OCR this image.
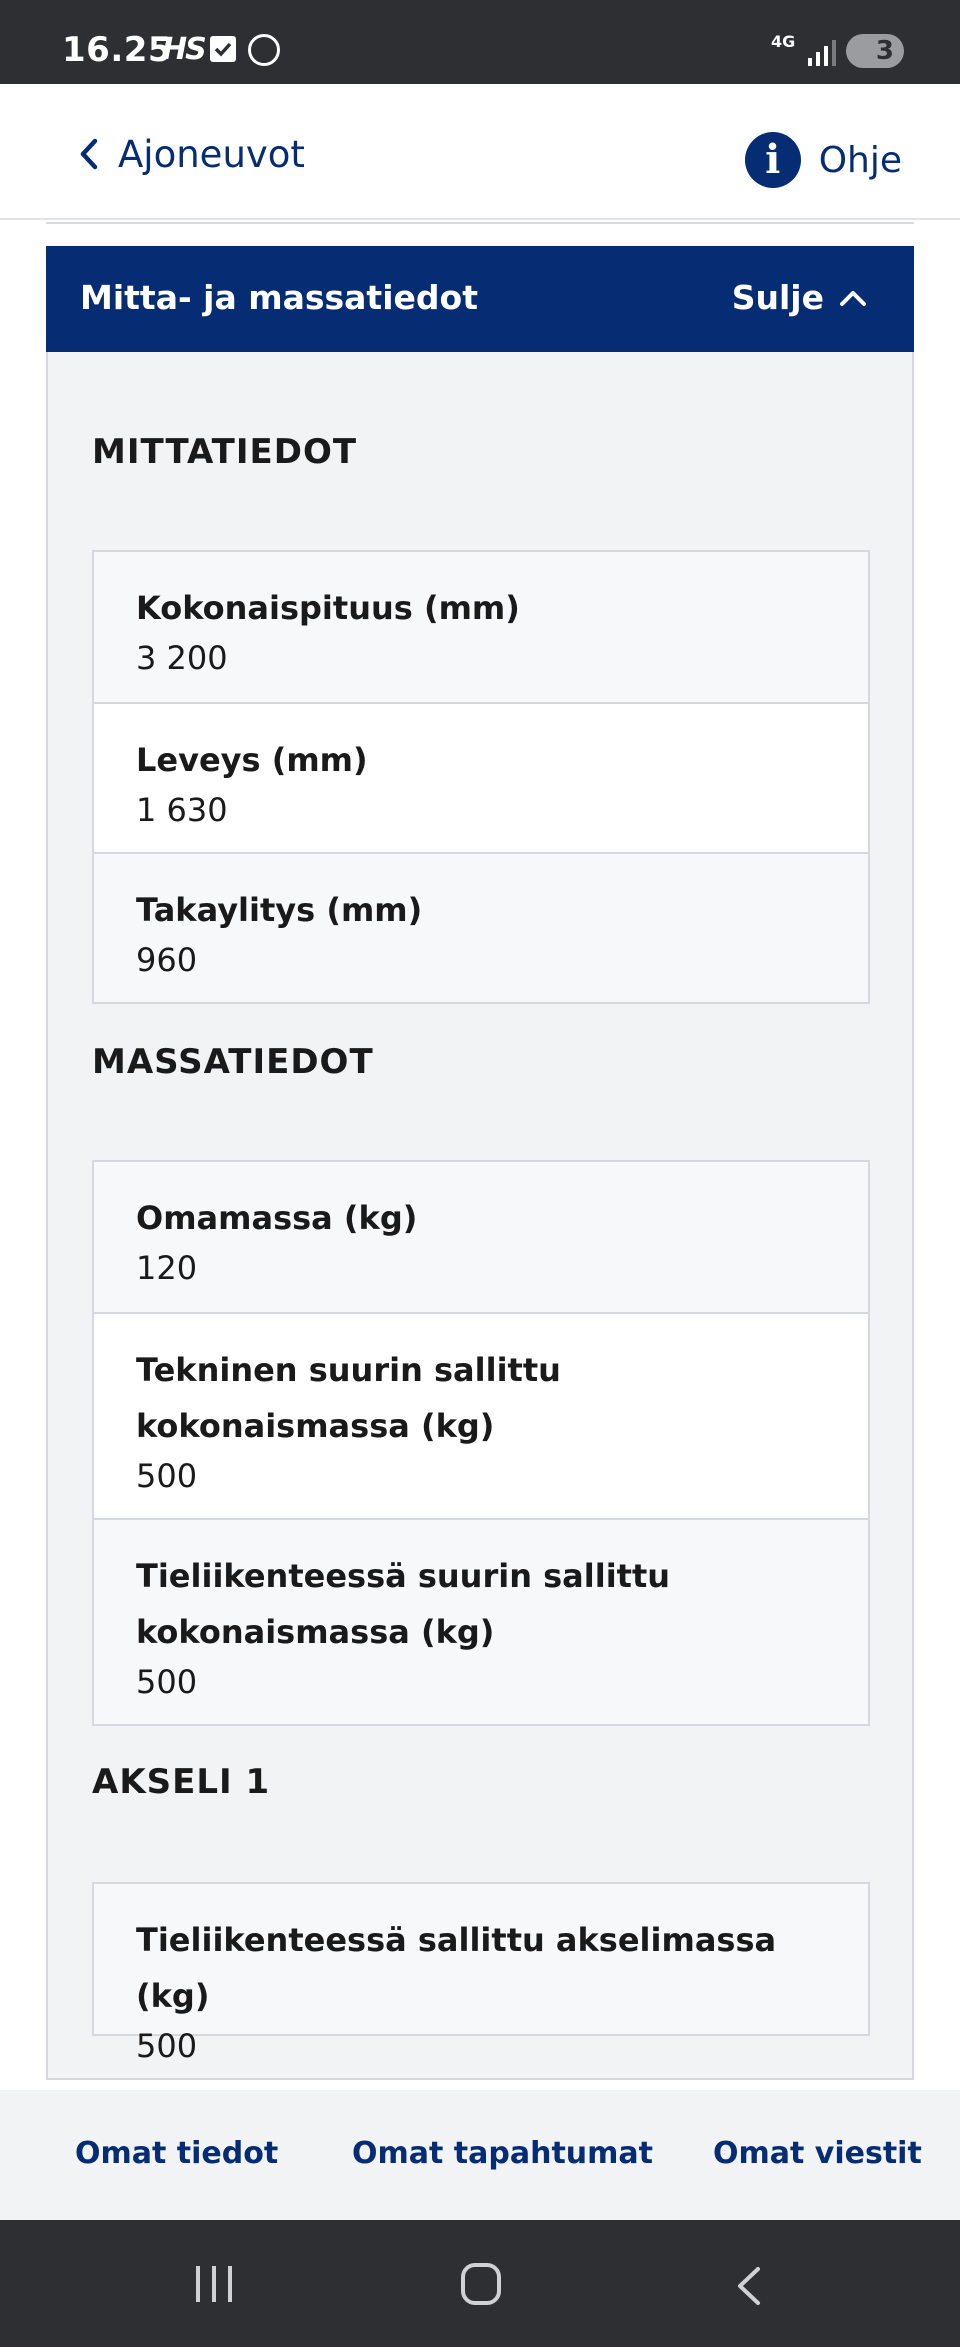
16.25
HS	4G	3
Ajoneuvot	i	Ohje
Mitta- ja massatiedot	Sulje
MITTATIEDOT
Kokonaispituus (mm)
3 200
Leveys (mm)
1 630
Takaylitys (mm)
960
MASSATIEDOT
Omamassa (kg)
120
Tekninen suurin sallittu kokonaismassa (kg)
500
Tieliikenteessä suurin sallittu kokonaismassa (kg)
500
AKSELI 1
Tieliikenteessä sallittu akselimassa (kg)
500
Omat tiedot Omat tapahtumat Omat viestit
